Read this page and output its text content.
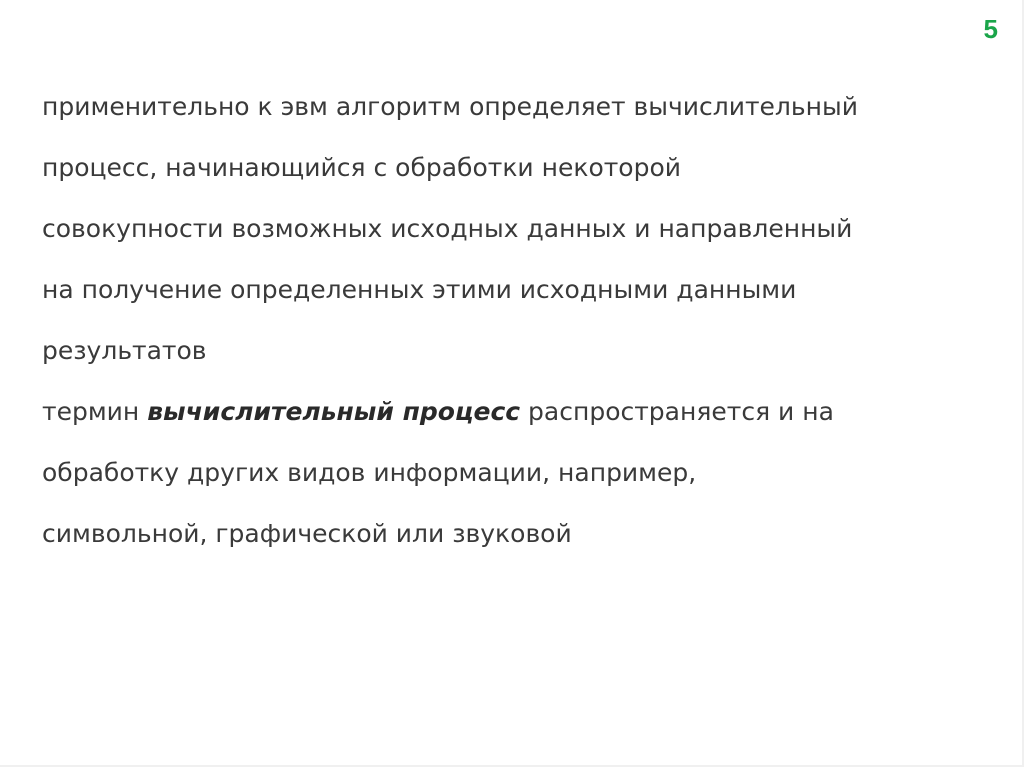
5

применительно к эвм алгоритм определяет вычислительный
процесс, начинающийся с обработки некоторой
совокупности возможных исходных данных и направленный
на получение определенных этими исходными данными
результатов

термин вычислительный процесс распространяется и на
обработку других видов информации, например,
символьной, графической или звуковой
